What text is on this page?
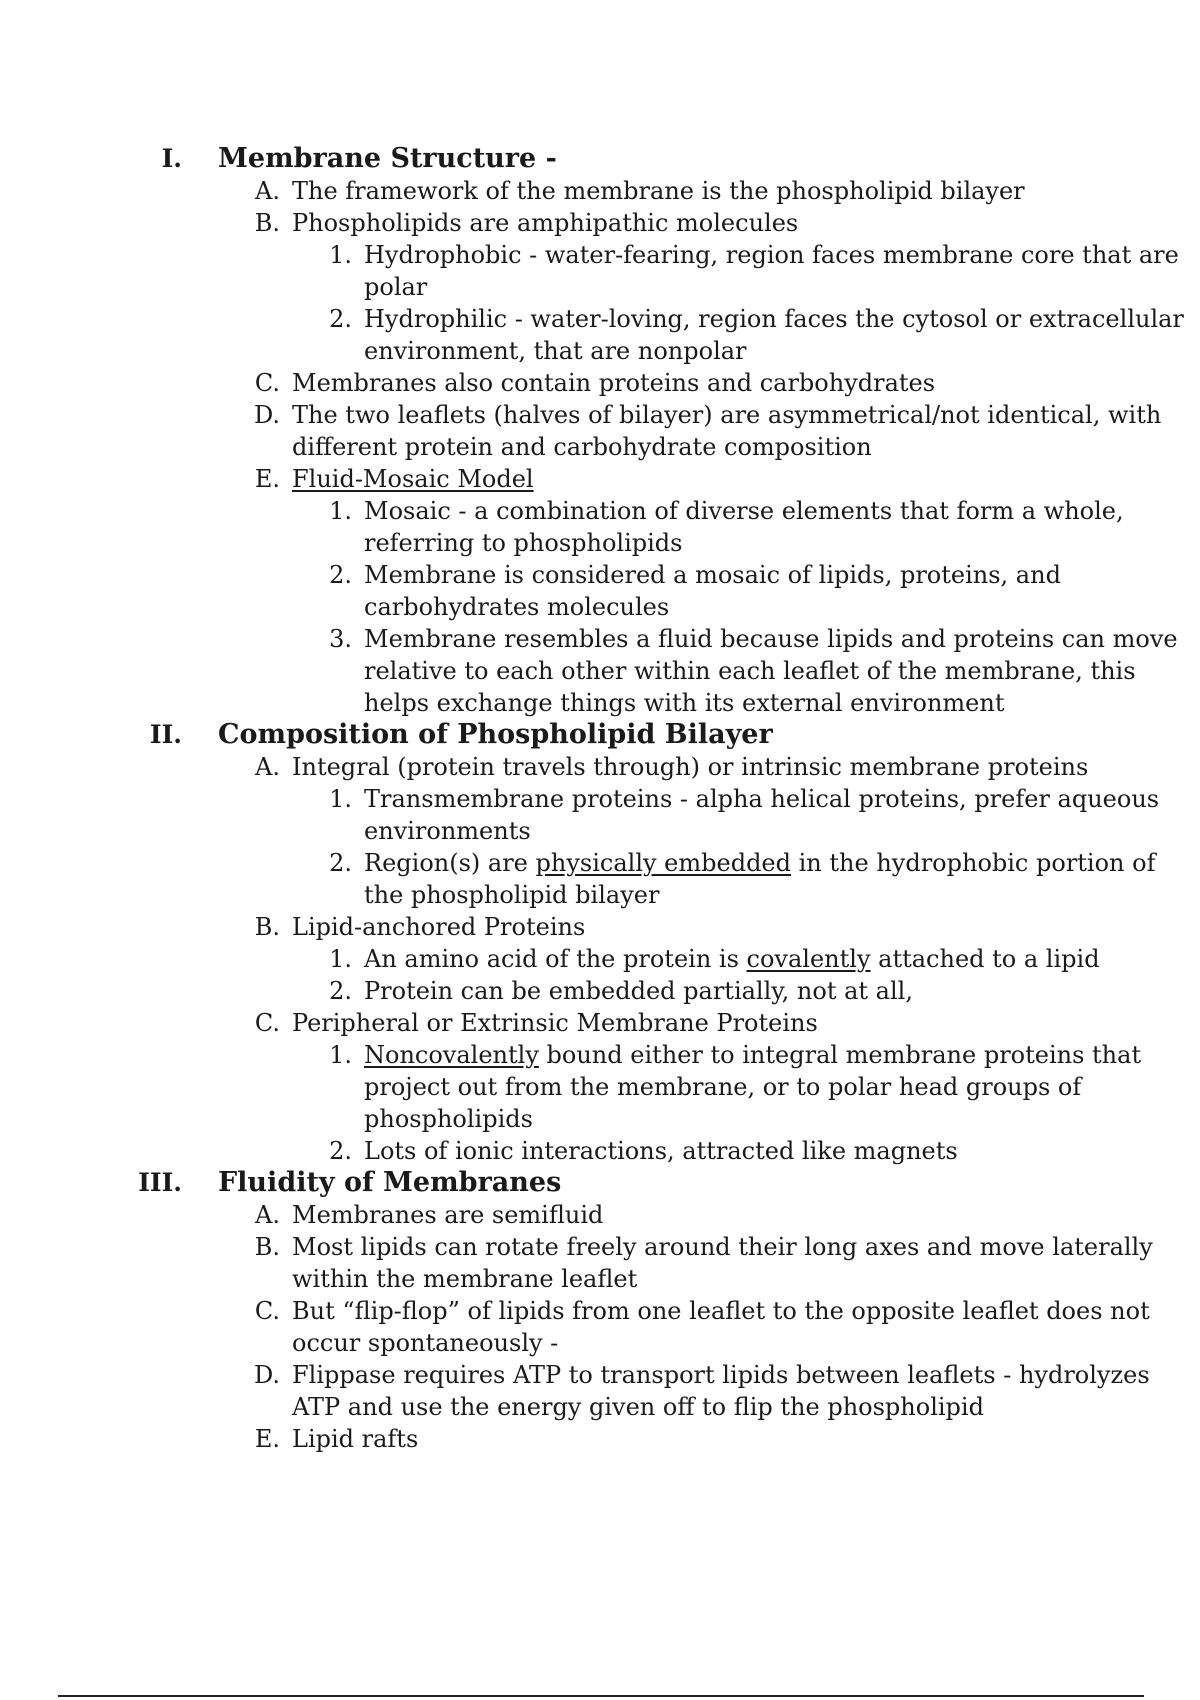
I. Membrane Structure -
A. The framework of the membrane is the phospholipid bilayer
B. Phospholipids are amphipathic molecules
1. Hydrophobic - water-fearing, region faces membrane core that are
polar
2. Hydrophilic - water-loving, region faces the cytosol or extracellular
environment, that are nonpolar
C. Membranes also contain proteins and carbohydrates
D. The two leaflets (halves of bilayer) are asymmetrical/not identical, with
different protein and carbohydrate composition
E. Fluid-Mosaic Model
1. Mosaic - a combination of diverse elements that form a whole,
referring to phospholipids
2. Membrane is considered a mosaic of lipids, proteins, and
carbohydrates molecules
3. Membrane resembles a fluid because lipids and proteins can move
relative to each other within each leaflet of the membrane, this
helps exchange things with its external environment
II. Composition of Phospholipid Bilayer
A. Integral (protein travels through) or intrinsic membrane proteins
1. Transmembrane proteins - alpha helical proteins, prefer aqueous
environments
2. Region(s) are physically embedded in the hydrophobic portion of
the phospholipid bilayer
B. Lipid-anchored Proteins
1. An amino acid of the protein is covalently attached to a lipid
2. Protein can be embedded partially, not at all,
C. Peripheral or Extrinsic Membrane Proteins
1. Noncovalently bound either to integral membrane proteins that
project out from the membrane, or to polar head groups of
phospholipids
2. Lots of ionic interactions, attracted like magnets
III. Fluidity of Membranes
A. Membranes are semifluid
B. Most lipids can rotate freely around their long axes and move laterally
within the membrane leaflet
C. But “flip-flop” of lipids from one leaflet to the opposite leaflet does not
occur spontaneously -
D. Flippase requires ATP to transport lipids between leaflets - hydrolyzes
ATP and use the energy given off to flip the phospholipid
E. Lipid rafts
